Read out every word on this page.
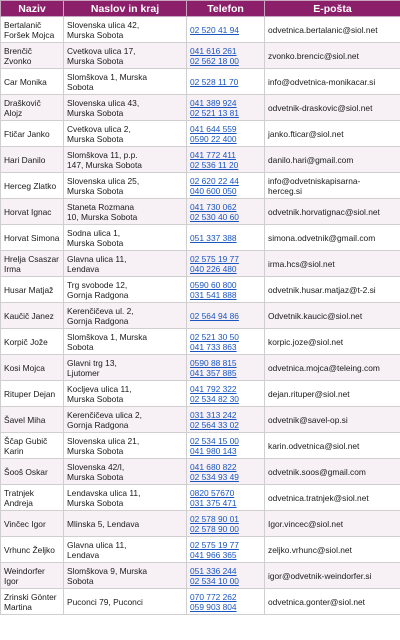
Naziv	Naslov in kraj	Telefon	E-pošta

Bertalanič
Foršek Mojca	Slovenska ulica 42,
Murska Sobota	02 520 41 94	odvetnica.bertalanic@siol.net

Brenčič
Zvonko	Cvetkova ulica 17,
Murska Sobota	041 616 261
02 562 18 00	zvonko.brencic@siol.net

Car Monika	Slomškova 1, Murska
Sobota	02 528 11 70	info@odvetnica-monikacar.si

Draškovič
Alojz	Slovenska ulica 43,
Murska Sobota	041 389 924
02 521 13 81	odvetnik-draskovic@siol.net

Ftičar Janko	Cvetkova ulica 2,
Murska Sobota	041 644 559
0590 22 400	janko.fticar@siol.net

Hari Danilo	Slomškova 11, p.p.
147, Murska Sobota	041 772 411
02 536 11 20	danilo.hari@gmail.com

Herceg Zlatko	Slovenska ulica 25,
Murska Sobota	02 620 22 44
040 600 050	info@odvetniskapisarna-
herceg.si

Horvat Ignac	Staneta Rozmana
10, Murska Sobota	041 730 062
02 530 40 60	odvetnik.horvatignac@siol.net

Horvat Simona	Sodna ulica 1,
Murska Sobota	051 337 388	simona.odvetnik@gmail.com

Hrelja Csaszar
Irma	Glavna ulica 11,
Lendava	02 575 19 77
040 226 480	irma.hcs@siol.net

Husar Matjaž	Trg svobode 12,
Gornja Radgona	0590 60 800
031 541 888	odvetnik.husar.matjaz@t-2.si

Kaučič Janez	Kerenčičeva ul. 2,
Gornja Radgona	02 564 94 86	Odvetnik.kaucic@siol.net

Korpič Jože	Slomškova 1, Murska
Sobota	02 521 30 50
041 733 863	korpic.joze@siol.net

Kosi Mojca	Glavni trg 13,
Ljutomer	0590 88 815
041 357 885	odvetnica.mojca@teleing.com

Rituper Dejan	Kocljeva ulica 11,
Murska Sobota	041 792 322
02 534 82 30	dejan.rituper@siol.net

Šavel Miha	Kerenčičeva ulica 2,
Gornja Radgona	031 313 242
02 564 33 02	odvetnik@savel-op.si

Ščap Gubič
Karin	Slovenska ulica 21,
Murska Sobota	02 534 15 00
041 980 143	karin.odvetnica@siol.net

Šooš Oskar	Slovenska 42/I,
Murska Sobota	041 680 822
02 534 93 49	odvetnik.soos@gmail.com

Tratnjek
Andreja	Lendavska ulica 11,
Murska Sobota	0820 57670
031 375 471	odvetnica.tratnjek@siol.net

Vinčec Igor	Mlinska 5, Lendava	02 578 90 01
02 578 90 00	Igor.vincec@siol.net

Vrhunc Željko	Glavna ulica 11,
Lendava	02 575 19 77
041 966 365	zeljko.vrhunc@siol.net

Weindorfer
Igor	Slomškova 9, Murska
Sobota	051 336 244
02 534 10 00	igor@odvetnik-weindorfer.si

Zrinski Gönter
Martina	Puconci 79, Puconci	070 772 262
059 903 804	odvetnica.gonter@siol.net
